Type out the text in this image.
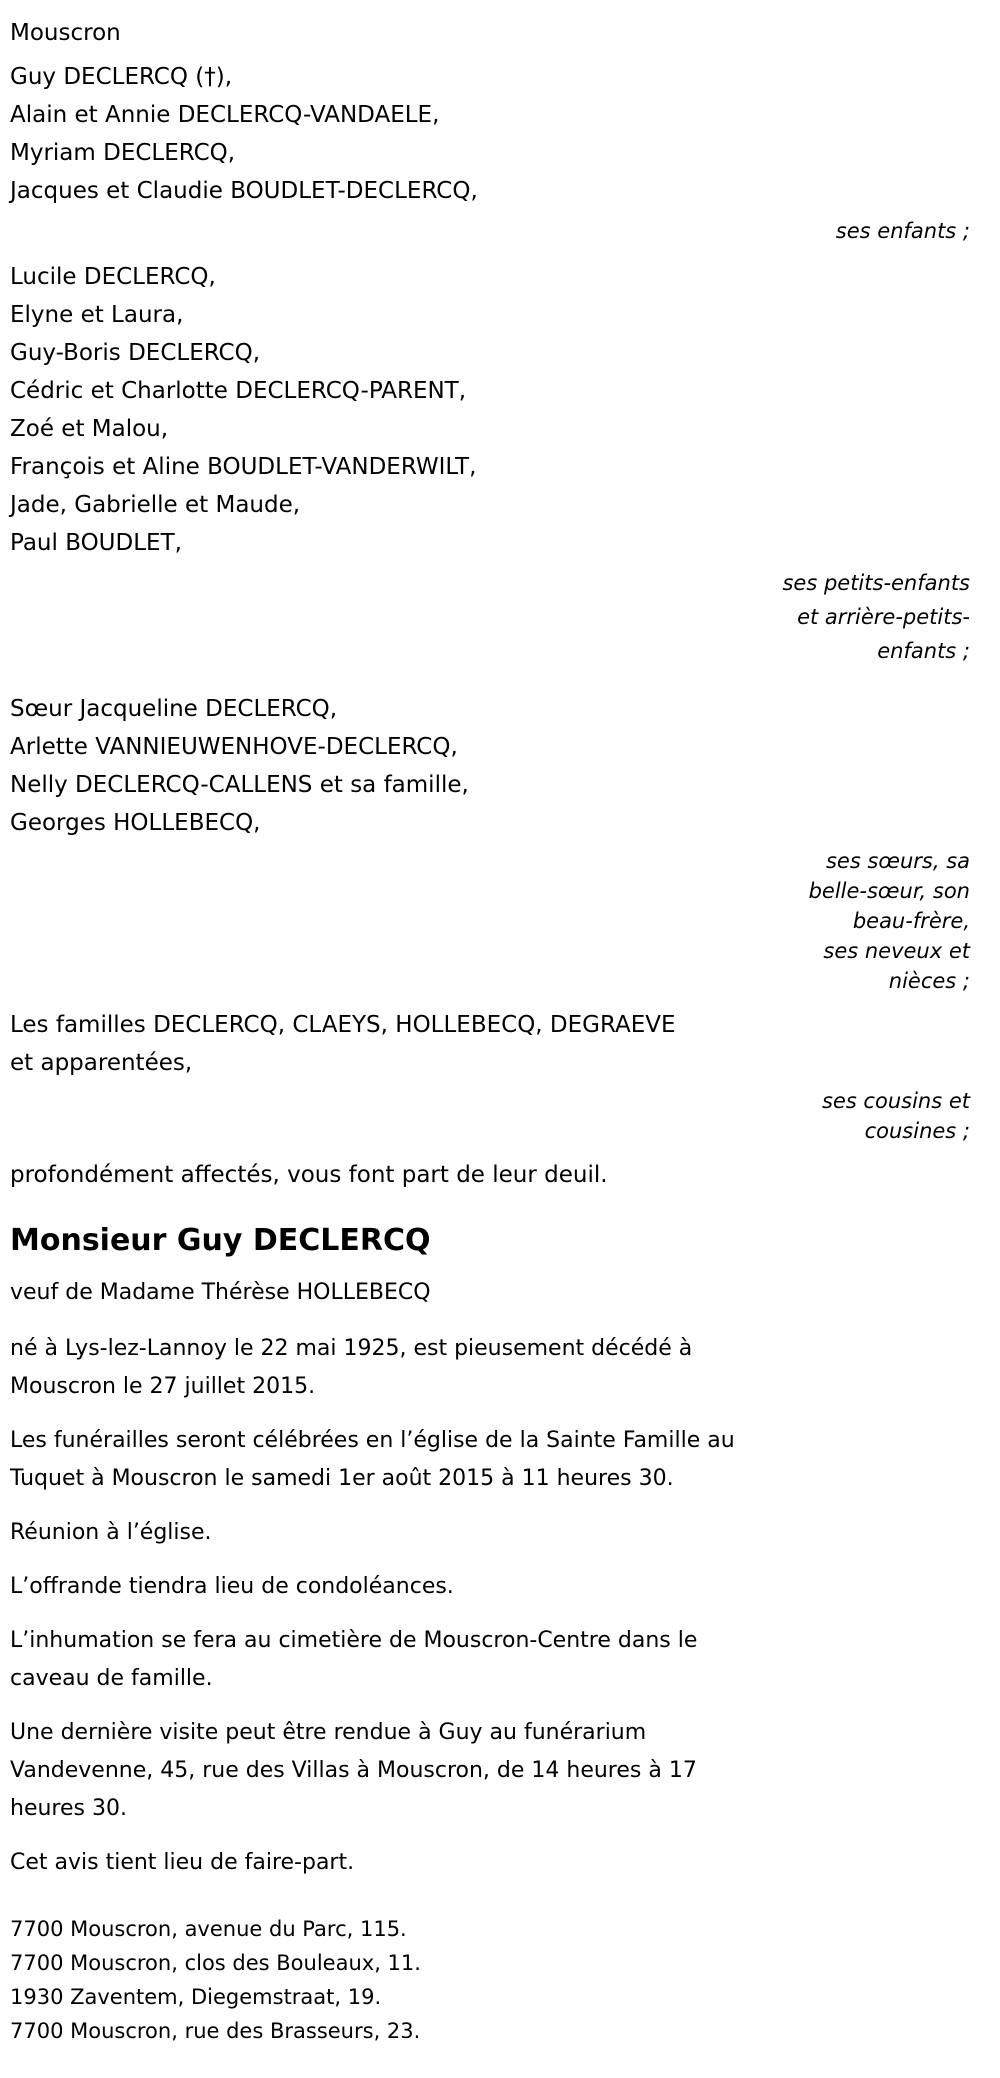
Mouscron
Guy DECLERCQ (†),
Alain et Annie DECLERCQ-VANDAELE,
Myriam DECLERCQ,
Jacques et Claudie BOUDLET-DECLERCQ,
ses enfants ;
Lucile DECLERCQ,
Elyne et Laura,
Guy-Boris DECLERCQ,
Cédric et Charlotte DECLERCQ-PARENT,
Zoé et Malou,
François et Aline BOUDLET-VANDERWILT,
Jade, Gabrielle et Maude,
Paul BOUDLET,
ses petits-enfants
et arrière-petits-
enfants ;
Sœur Jacqueline DECLERCQ,
Arlette VANNIEUWENHOVE-DECLERCQ,
Nelly DECLERCQ-CALLENS et sa famille,
Georges HOLLEBECQ,
ses sœurs, sa
belle-sœur, son
beau-frère,
ses neveux et
nièces ;
Les familles DECLERCQ, CLAEYS, HOLLEBECQ, DEGRAEVE
et apparentées,
ses cousins et
cousines ;
profondément affectés, vous font part de leur deuil.
Monsieur Guy DECLERCQ
veuf de Madame Thérèse HOLLEBECQ
né à Lys-lez-Lannoy le 22 mai 1925, est pieusement décédé à Mouscron le 27 juillet 2015.
Les funérailles seront célébrées en l’église de la Sainte Famille au Tuquet à Mouscron le samedi 1er août 2015 à 11 heures 30.
Réunion à l’église.
L’offrande tiendra lieu de condoléances.
L’inhumation se fera au cimetière de Mouscron-Centre dans le caveau de famille.
Une dernière visite peut être rendue à Guy au funérarium Vandevenne, 45, rue des Villas à Mouscron, de 14 heures à 17 heures 30.
Cet avis tient lieu de faire-part.
7700 Mouscron, avenue du Parc, 115.
7700 Mouscron, clos des Bouleaux, 11.
1930 Zaventem, Diegemstraat, 19.
7700 Mouscron, rue des Brasseurs, 23.
